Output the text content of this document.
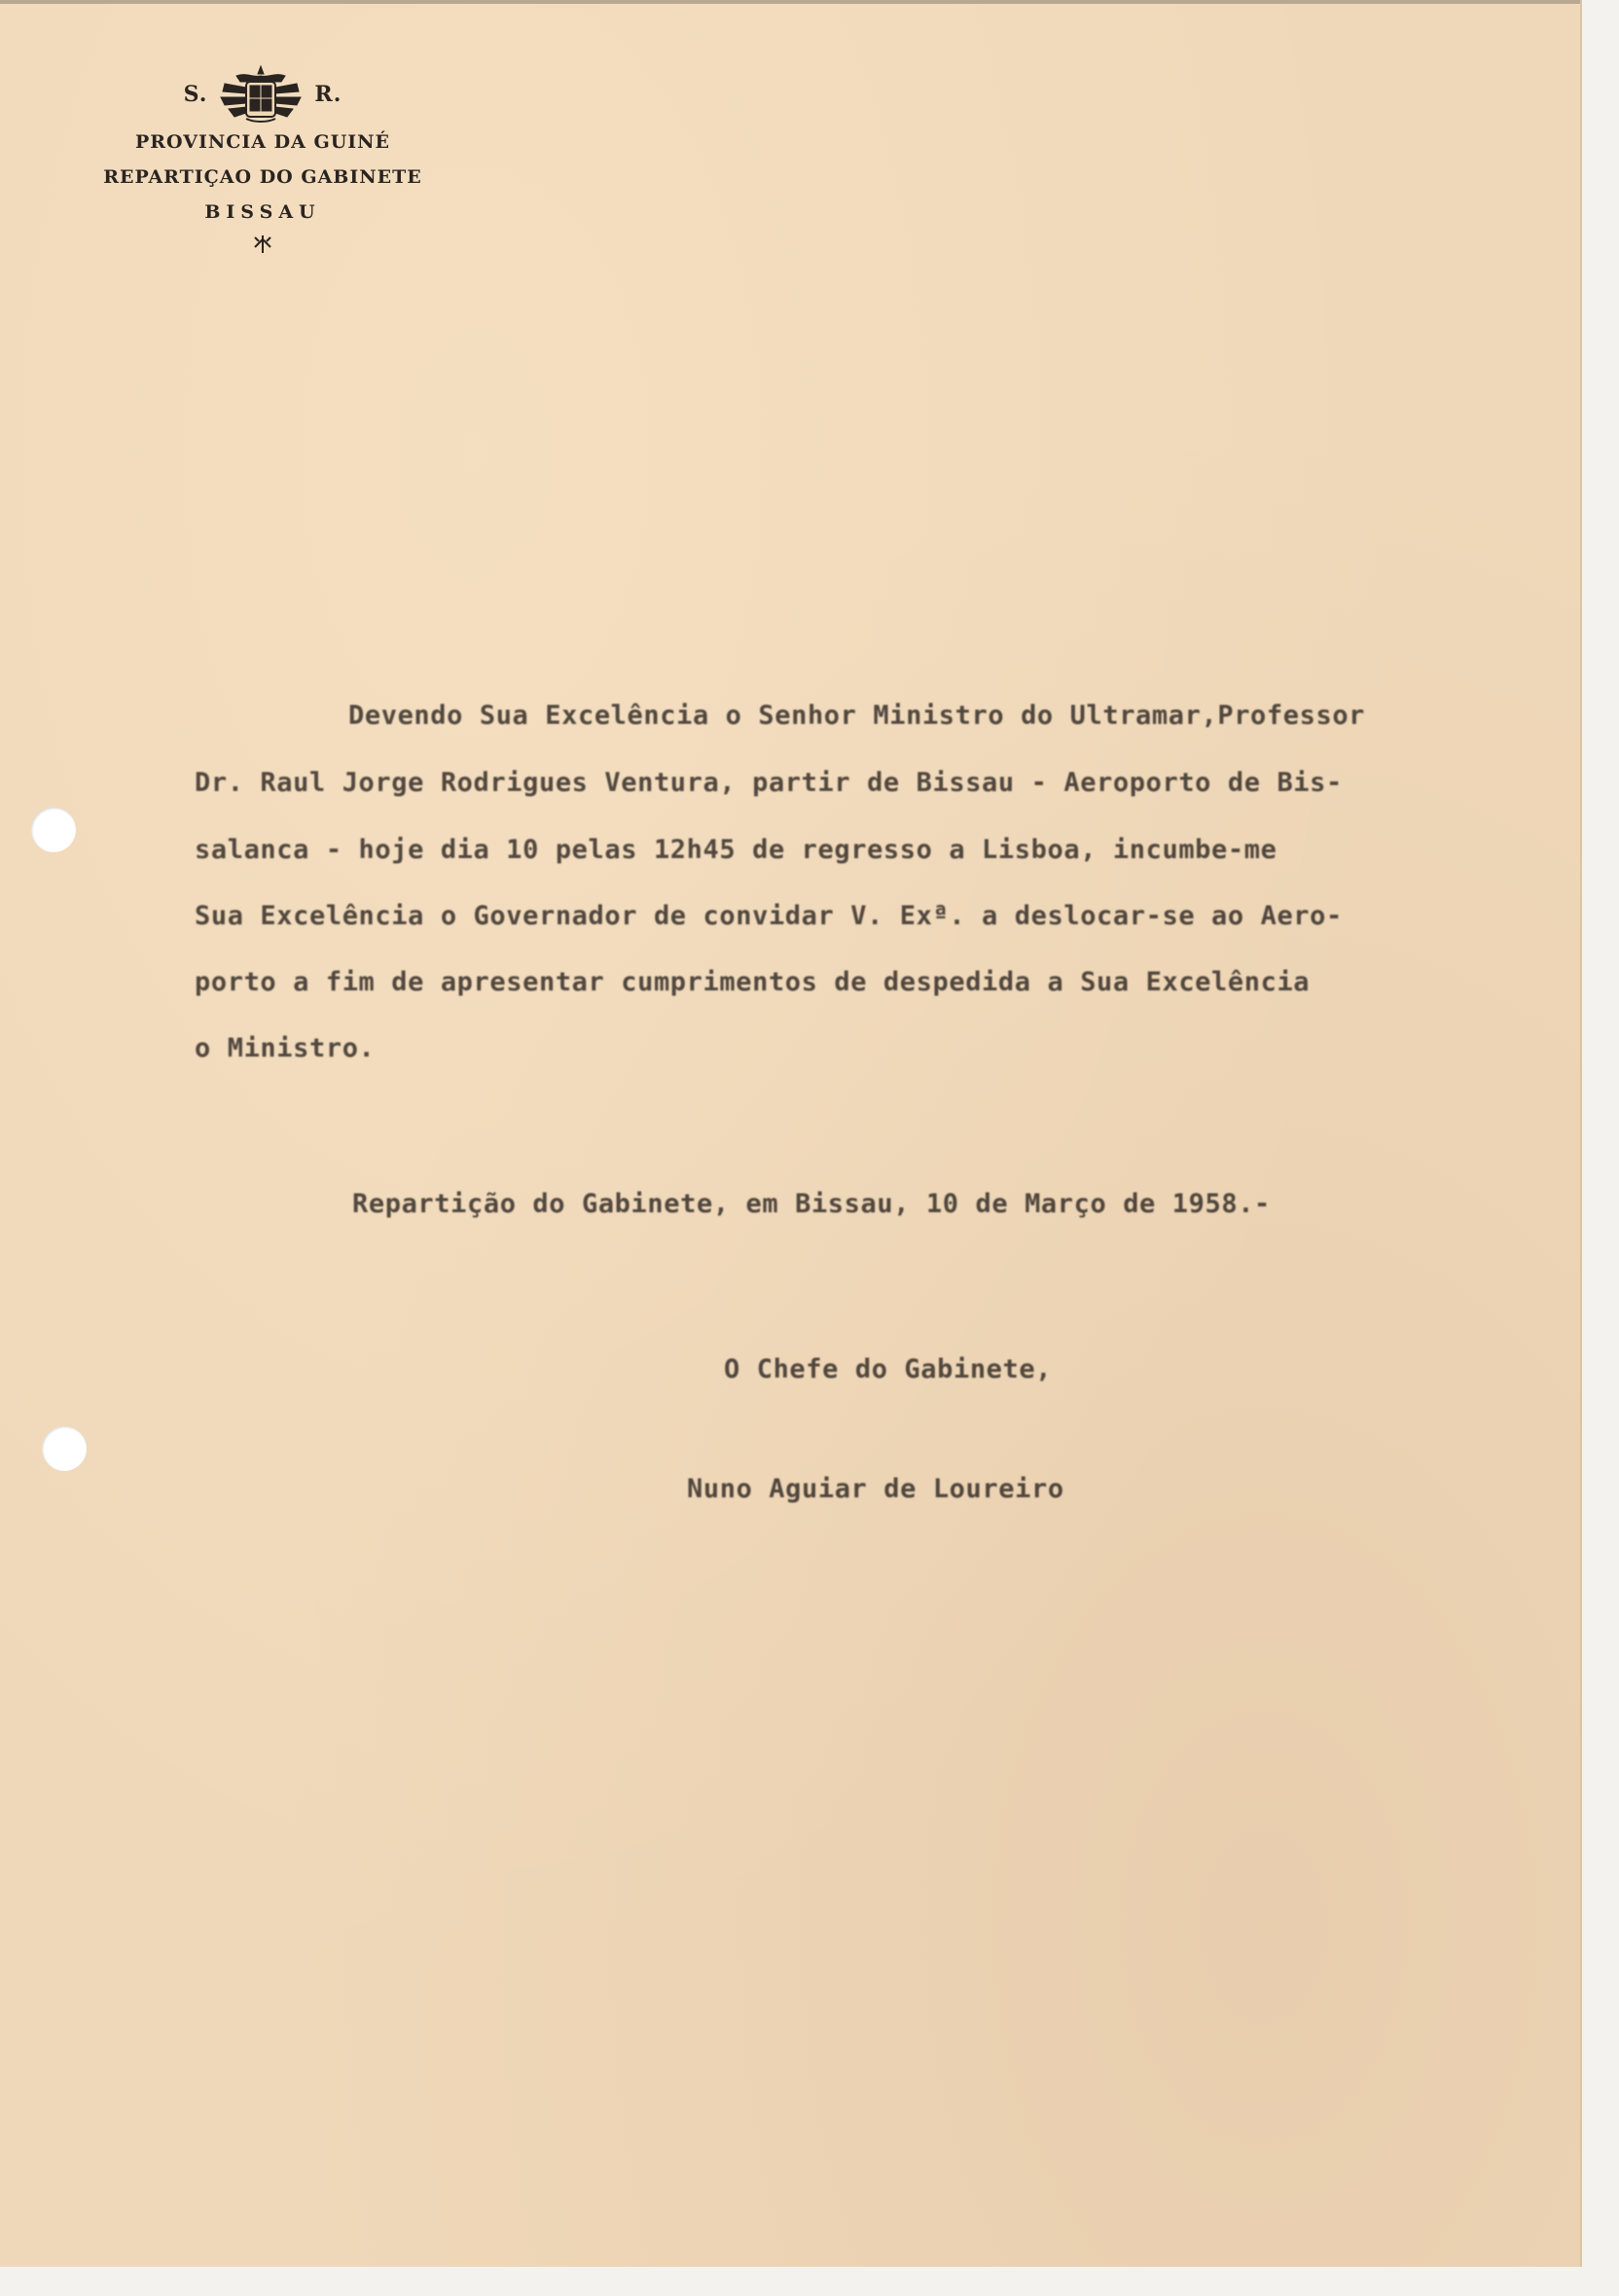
S.	R.
PROVINCIA DA GUINÉ
REPARTIÇAO DO GABINETE
BISSAU
Devendo Sua Excelência o Senhor Ministro do Ultramar,Professor
Dr. Raul Jorge Rodrigues Ventura, partir de Bissau - Aeroporto de Bis-
salanca - hoje dia 10 pelas 12h45 de regresso a Lisboa, incumbe-me
Sua Excelência o Governador de convidar V. Exª. a deslocar-se ao Aero-
porto a fim de apresentar cumprimentos de despedida a Sua Excelência
o Ministro.
Repartição do Gabinete, em Bissau, 10 de Março de 1958.-
O Chefe do Gabinete,
Nuno Aguiar de Loureiro
